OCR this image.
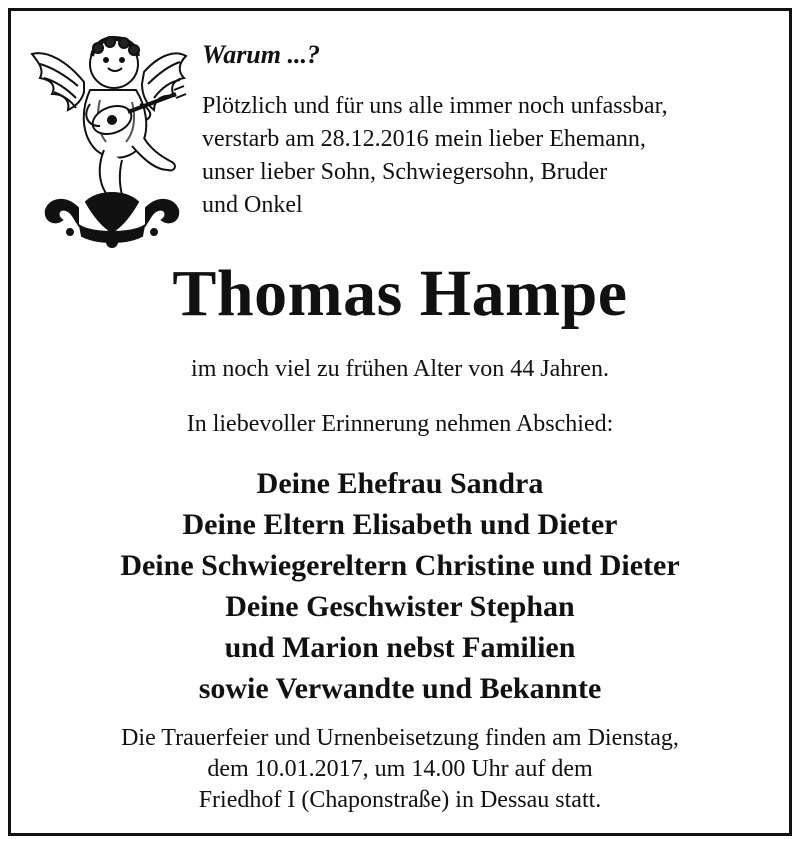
Warum ...?

Plötzlich und für uns alle immer noch unfassbar,
verstarb am 28.12.2016 mein lieber Ehemann,
unser lieber Sohn, Schwiegersohn, Bruder
und Onkel

Thomas Hampe

im noch viel zu frühen Alter von 44 Jahren.

In liebevoller Erinnerung nehmen Abschied:

Deine Ehefrau Sandra
Deine Eltern Elisabeth und Dieter
Deine Schwiegereltern Christine und Dieter
Deine Geschwister Stephan
und Marion nebst Familien
sowie Verwandte und Bekannte

Die Trauerfeier und Urnenbeisetzung finden am Dienstag,
dem 10.01.2017, um 14.00 Uhr auf dem
Friedhof I (Chaponstraße) in Dessau statt.
